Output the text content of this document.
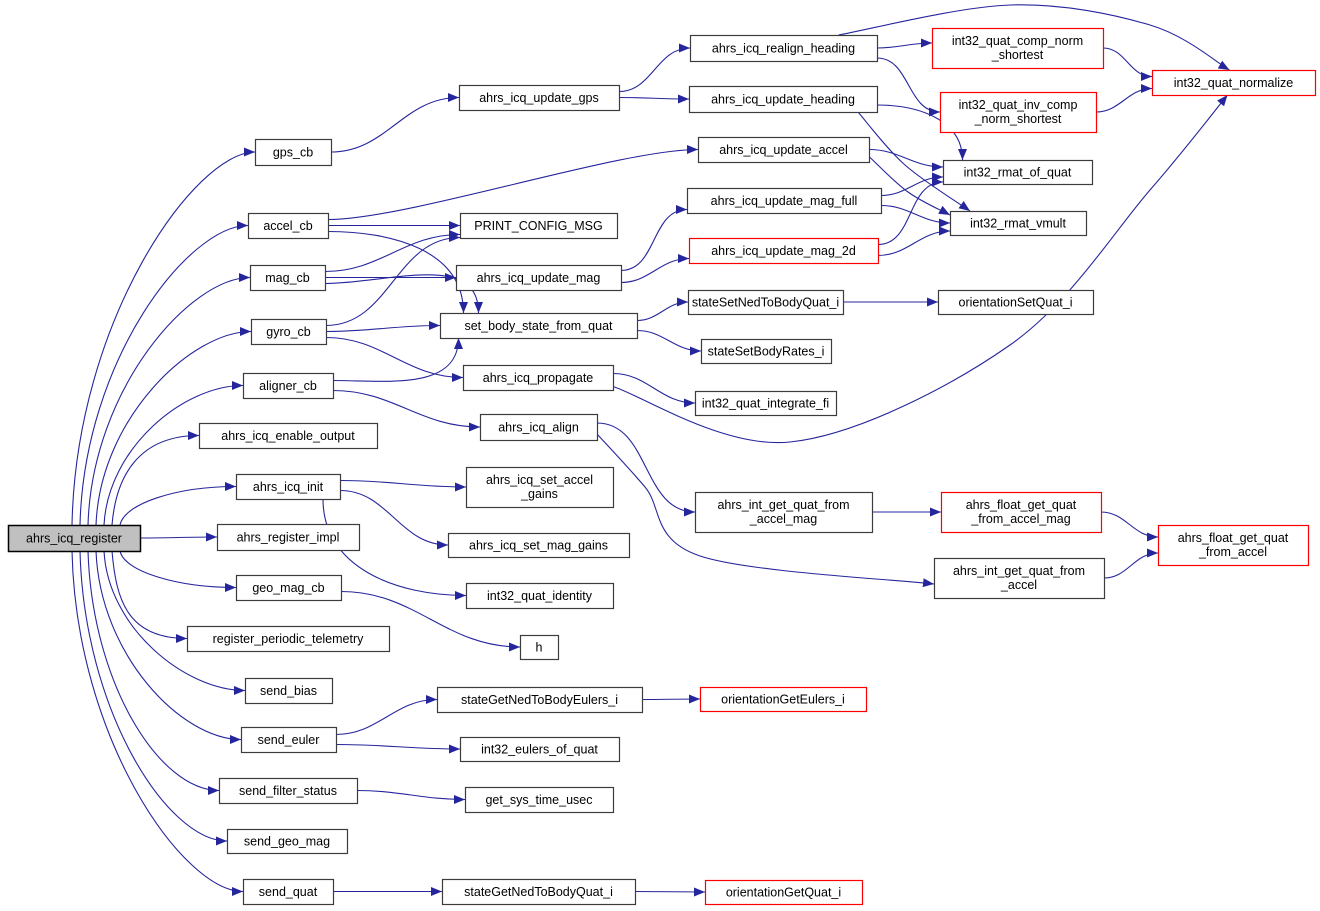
ahrs_icq_register
gps_cb
accel_cb
mag_cb
gyro_cb
aligner_cb
ahrs_icq_enable_output
ahrs_icq_init
ahrs_register_impl
geo_mag_cb
register_periodic_telemetry
send_bias
send_euler
send_filter_status
send_geo_mag
send_quat
ahrs_icq_update_gps
PRINT_CONFIG_MSG
ahrs_icq_update_mag
set_body_state_from_quat
ahrs_icq_propagate
ahrs_icq_align
ahrs_icq_set_accel
_gains
ahrs_icq_set_mag_gains
int32_quat_identity
h
stateGetNedToBodyEulers_i
int32_eulers_of_quat
get_sys_time_usec
stateGetNedToBodyQuat_i
ahrs_icq_realign_heading
ahrs_icq_update_heading
ahrs_icq_update_accel
ahrs_icq_update_mag_full
ahrs_icq_update_mag_2d
stateSetNedToBodyQuat_i
stateSetBodyRates_i
int32_quat_integrate_fi
ahrs_int_get_quat_from
_accel_mag
orientationGetEulers_i
orientationGetQuat_i
int32_quat_comp_norm
_shortest
int32_quat_inv_comp
_norm_shortest
int32_rmat_of_quat
int32_rmat_vmult
orientationSetQuat_i
ahrs_float_get_quat
_from_accel_mag
ahrs_int_get_quat_from
_accel
ahrs_float_get_quat
_from_accel
int32_quat_normalize
